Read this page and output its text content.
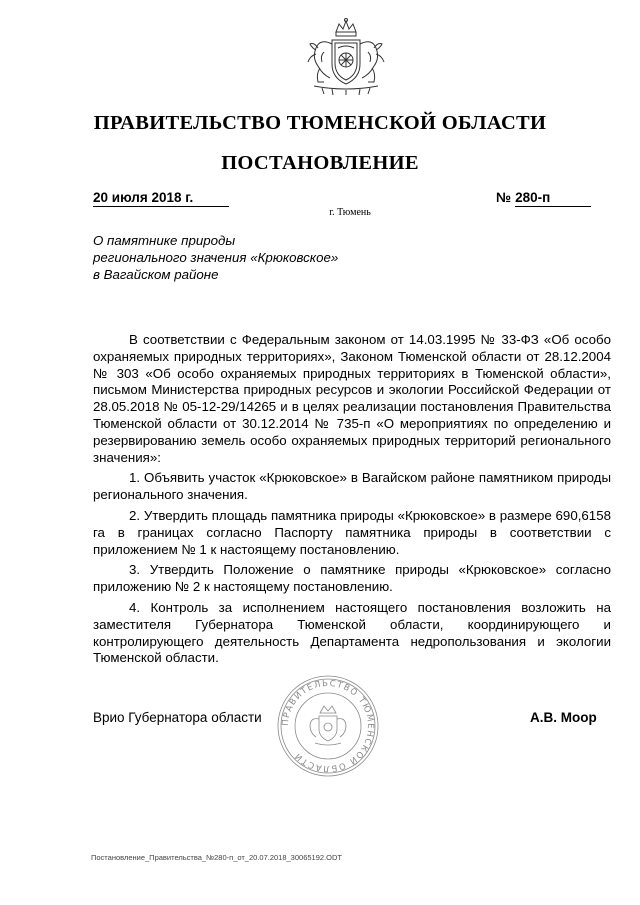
ПРАВИТЕЛЬСТВО ТЮМЕНСКОЙ ОБЛАСТИ
ПОСТАНОВЛЕНИЕ
20 июля 2018 г.	№ 280-п
г. Тюмень
О памятнике природы
регионального значения «Крюковское»
в Вагайском районе

В соответствии с Федеральным законом от 14.03.1995 № 33-ФЗ «Об особо охраняемых природных территориях», Законом Тюменской области от 28.12.2004 № 303 «Об особо охраняемых природных территориях в Тюменской области», письмом Министерства природных ресурсов и экологии Российской Федерации от 28.05.2018 № 05-12-29/14265 и в целях реализации постановления Правительства Тюменской области от 30.12.2014 № 735-п «О мероприятиях по определению и резервированию земель особо охраняемых природных территорий регионального значения»:

1. Объявить участок «Крюковское» в Вагайском районе памятником природы регионального значения.

2. Утвердить площадь памятника природы «Крюковское» в размере 690,6158 га в границах согласно Паспорту памятника природы в соответствии с приложением № 1 к настоящему постановлению.

3. Утвердить Положение о памятнике природы «Крюковское» согласно приложению № 2 к настоящему постановлению.

4. Контроль за исполнением настоящего постановления возложить на заместителя Губернатора Тюменской области, координирующего и контролирующего деятельность Департамента недропользования и экологии Тюменской области.

ПРАВИТЕЛЬСТВО ТЮМЕНСКОЙ ОБЛАСТИ
Врио Губернатора области	А.В. Моор
Постановление_Правительства_№280-п_от_20.07.2018_30065192.ODT
